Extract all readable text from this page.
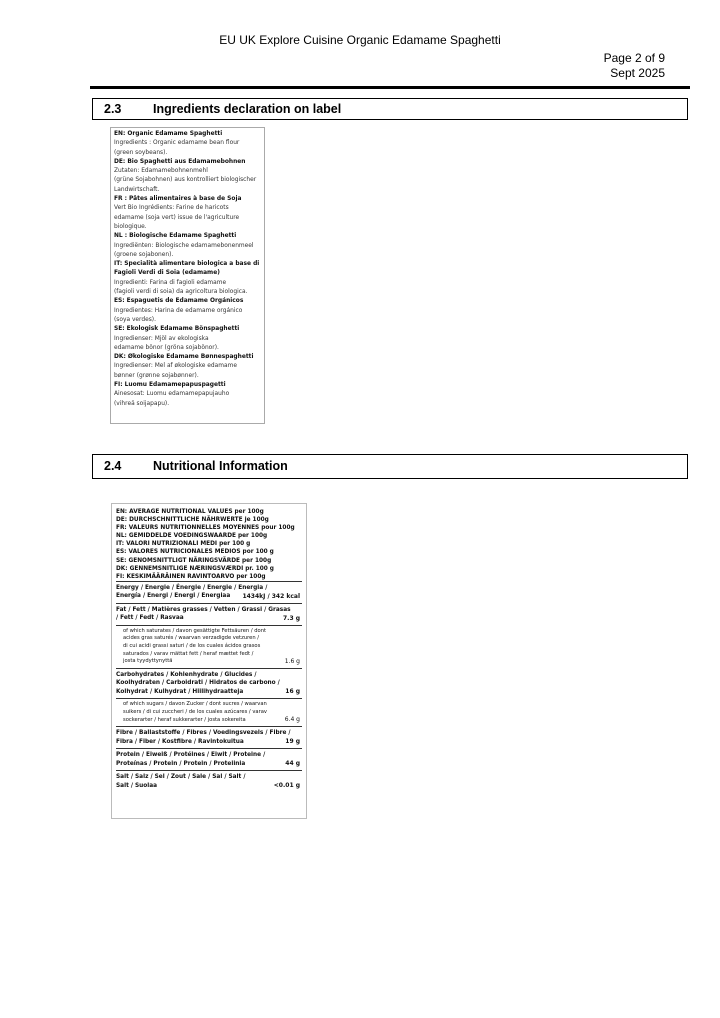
EU UK Explore Cuisine Organic Edamame Spaghetti
Page 2 of 9
Sept 2025
2.3	Ingredients declaration on label
EN: Organic Edamame Spaghetti
Ingredients : Organic edamame bean flour
(green soybeans).
DE: Bio Spaghetti aus Edamamebohnen
Zutaten: Edamamebohnenmehl
(grüne Sojabohnen) aus kontrolliert biologischer
Landwirtschaft.
FR : Pâtes alimentaires à base de Soja
Vert Bio Ingrédients: Farine de haricots
edamame (soja vert) issue de l'agriculture
biologique.
NL : Biologische Edamame Spaghetti
Ingrediënten: Biologische edamamebonenmeel
(groene sojabonen).
IT: Specialità alimentare biologica a base di
Fagioli Verdi di Soia (edamame)
Ingredienti: Farina di fagioli edamame
(fagioli verdi di soia) da agricoltura biologica.
ES: Espaguetis de Edamame Orgánicos
Ingredientes: Harina de edamame orgánico
(soya verdes).
SE: Ekologisk Edamame Bönspaghetti
Ingredienser: Mjöl av ekologiska
edamame bönor (gröna sojabönor).
DK: Økologiske Edamame Bønnespaghetti
Ingredienser: Mel af økologiske edamame
bønner (grønne sojabønner).
FI: Luomu Edamamepapuspagetti
Ainesosat: Luomu edamamepapujauho
(vihreä soijapapu).
2.4	Nutritional Information
EN: AVERAGE NUTRITIONAL VALUES per 100g
DE: DURCHSCHNITTLICHE NÄHRWERTE je 100g
FR: VALEURS NUTRITIONNELLES MOYENNES pour 100g
NL: GEMIDDELDE VOEDINGSWAARDE per 100g
IT: VALORI NUTRIZIONALI MEDI per 100 g
ES: VALORES NUTRICIONALES MEDIOS por 100 g
SE: GENOMSNITTLIGT NÄRINGSVÄRDE per 100g
DK: GENNEMSNITLIGE NÆRINGSVÆRDI pr. 100 g
FI: KESKIMÄÄRÄINEN RAVINTOARVO per 100g
Energy / Energie / Énergie / Energie / Energia /
Energía / Energi / Energi / Energiaa	1434kJ / 342 kcal
Fat / Fett / Matières grasses / Vetten / Grassi / Grasas
/ Fett / Fedt / Rasvaa	7.3 g
of which saturates / davon gesättigte Fettsäuren / dont
acides gras saturés / waarvan verzadigde vetzuren /
di cui acidi grassi saturi / de los cuales ácidos grasos
saturados / varav mättat fett / heraf mættet fedt /
josta tyydyttynyttä	1.6 g
Carbohydrates / Kohlenhydrate / Glucides /
Koolhydraten / Carboidrati / Hidratos de carbono /
Kolhydrat / Kulhydrat / Hiilihydraatteja	16 g
of which sugars / davon Zucker / dont sucres / waarvan
suikers / di cui zuccheri / de los cuales azúcares / varav
sockerarter / heraf sukkerarter / josta sokereita	6.4 g
Fibre / Ballaststoffe / Fibres / Voedingsvezels / Fibre /
Fibra / Fiber / Kostfibre / Ravintokuitua	19 g
Protein / Eiweiß / Protéines / Eiwit / Proteine /
Proteínas / Protein / Protein / Proteiinia	44 g
Salt / Salz / Sel / Zout / Sale / Sal / Salt /
Salt / Suolaa	<0.01 g
